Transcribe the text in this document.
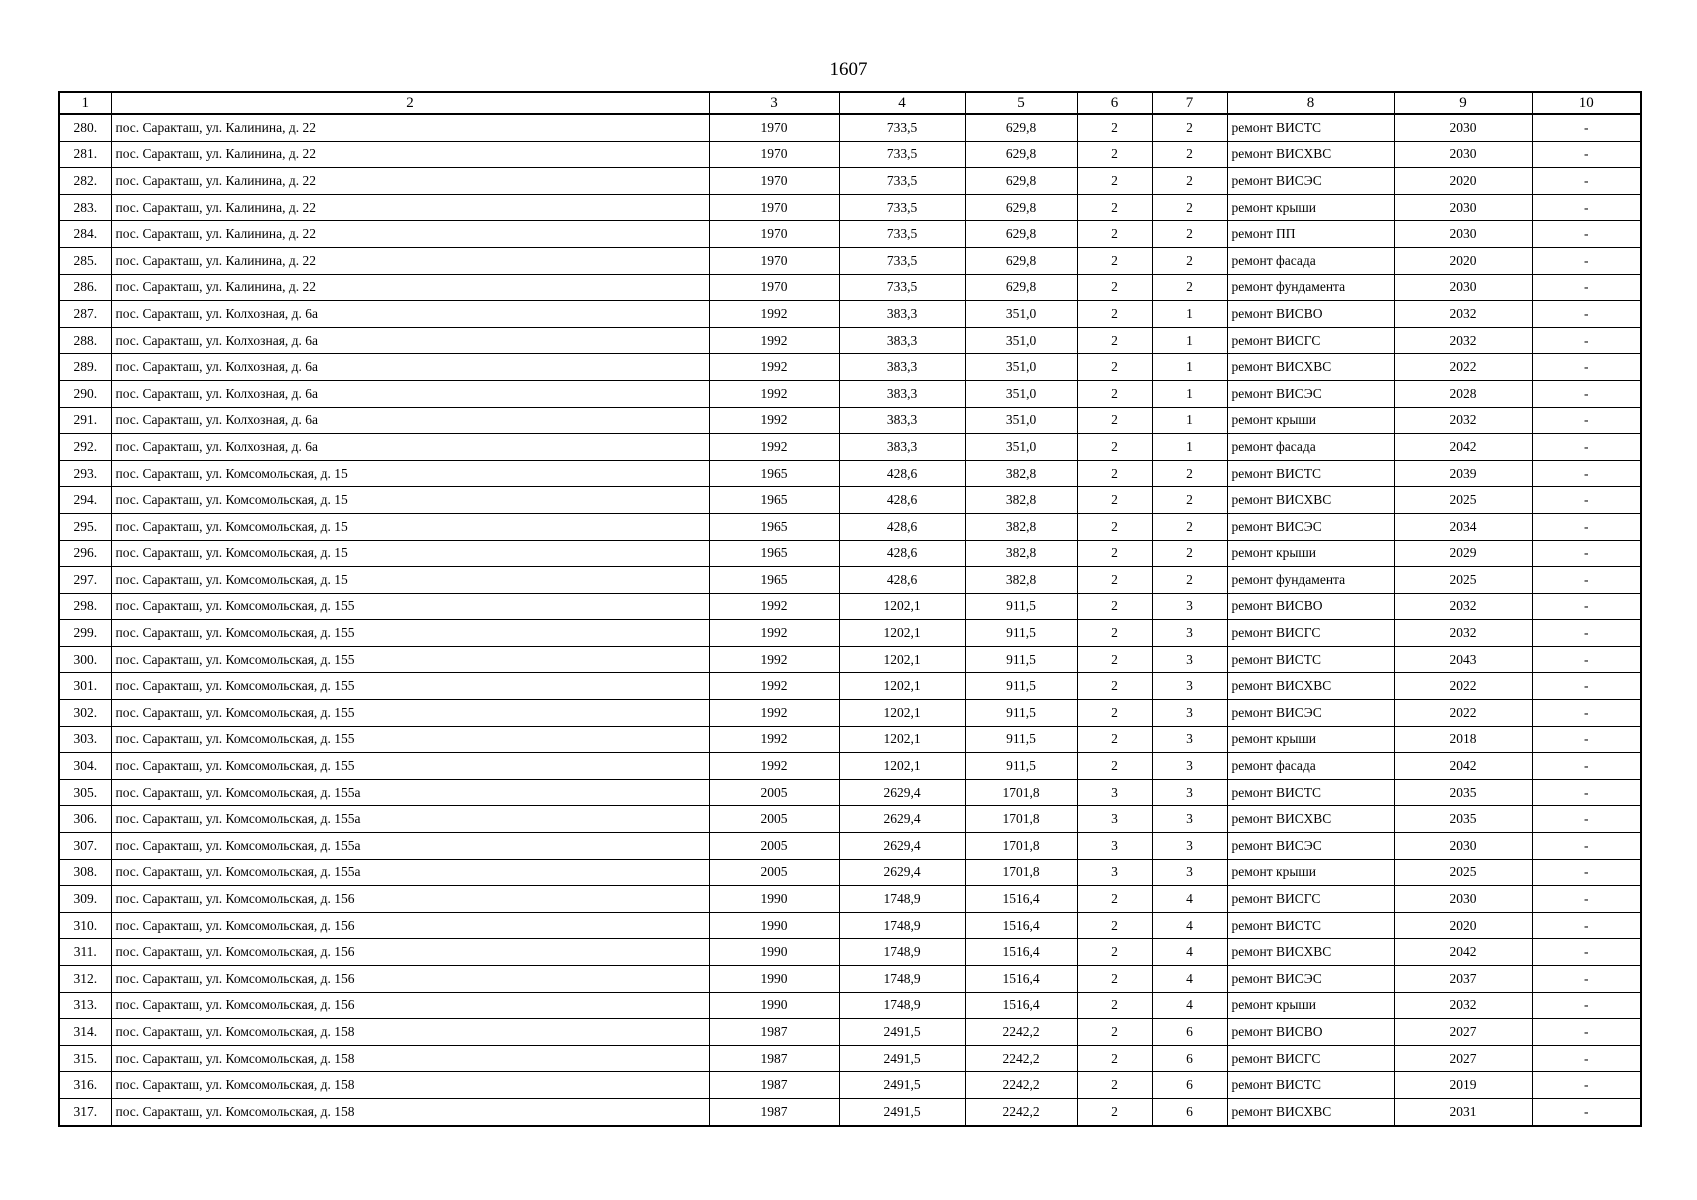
1607
1	2	3	4	5	6	7	8	9	10
280.	пос. Саракташ, ул. Калинина, д. 22	1970	733,5	629,8	2	2	ремонт ВИСТС	2030	-
281.	пос. Саракташ, ул. Калинина, д. 22	1970	733,5	629,8	2	2	ремонт ВИСХВС	2030	-
282.	пос. Саракташ, ул. Калинина, д. 22	1970	733,5	629,8	2	2	ремонт ВИСЭС	2020	-
283.	пос. Саракташ, ул. Калинина, д. 22	1970	733,5	629,8	2	2	ремонт крыши	2030	-
284.	пос. Саракташ, ул. Калинина, д. 22	1970	733,5	629,8	2	2	ремонт ПП	2030	-
285.	пос. Саракташ, ул. Калинина, д. 22	1970	733,5	629,8	2	2	ремонт фасада	2020	-
286.	пос. Саракташ, ул. Калинина, д. 22	1970	733,5	629,8	2	2	ремонт фундамента	2030	-
287.	пос. Саракташ, ул. Колхозная, д. 6а	1992	383,3	351,0	2	1	ремонт ВИСВО	2032	-
288.	пос. Саракташ, ул. Колхозная, д. 6а	1992	383,3	351,0	2	1	ремонт ВИСГС	2032	-
289.	пос. Саракташ, ул. Колхозная, д. 6а	1992	383,3	351,0	2	1	ремонт ВИСХВС	2022	-
290.	пос. Саракташ, ул. Колхозная, д. 6а	1992	383,3	351,0	2	1	ремонт ВИСЭС	2028	-
291.	пос. Саракташ, ул. Колхозная, д. 6а	1992	383,3	351,0	2	1	ремонт крыши	2032	-
292.	пос. Саракташ, ул. Колхозная, д. 6а	1992	383,3	351,0	2	1	ремонт фасада	2042	-
293.	пос. Саракташ, ул. Комсомольская, д. 15	1965	428,6	382,8	2	2	ремонт ВИСТС	2039	-
294.	пос. Саракташ, ул. Комсомольская, д. 15	1965	428,6	382,8	2	2	ремонт ВИСХВС	2025	-
295.	пос. Саракташ, ул. Комсомольская, д. 15	1965	428,6	382,8	2	2	ремонт ВИСЭС	2034	-
296.	пос. Саракташ, ул. Комсомольская, д. 15	1965	428,6	382,8	2	2	ремонт крыши	2029	-
297.	пос. Саракташ, ул. Комсомольская, д. 15	1965	428,6	382,8	2	2	ремонт фундамента	2025	-
298.	пос. Саракташ, ул. Комсомольская, д. 155	1992	1202,1	911,5	2	3	ремонт ВИСВО	2032	-
299.	пос. Саракташ, ул. Комсомольская, д. 155	1992	1202,1	911,5	2	3	ремонт ВИСГС	2032	-
300.	пос. Саракташ, ул. Комсомольская, д. 155	1992	1202,1	911,5	2	3	ремонт ВИСТС	2043	-
301.	пос. Саракташ, ул. Комсомольская, д. 155	1992	1202,1	911,5	2	3	ремонт ВИСХВС	2022	-
302.	пос. Саракташ, ул. Комсомольская, д. 155	1992	1202,1	911,5	2	3	ремонт ВИСЭС	2022	-
303.	пос. Саракташ, ул. Комсомольская, д. 155	1992	1202,1	911,5	2	3	ремонт крыши	2018	-
304.	пос. Саракташ, ул. Комсомольская, д. 155	1992	1202,1	911,5	2	3	ремонт фасада	2042	-
305.	пос. Саракташ, ул. Комсомольская, д. 155а	2005	2629,4	1701,8	3	3	ремонт ВИСТС	2035	-
306.	пос. Саракташ, ул. Комсомольская, д. 155а	2005	2629,4	1701,8	3	3	ремонт ВИСХВС	2035	-
307.	пос. Саракташ, ул. Комсомольская, д. 155а	2005	2629,4	1701,8	3	3	ремонт ВИСЭС	2030	-
308.	пос. Саракташ, ул. Комсомольская, д. 155а	2005	2629,4	1701,8	3	3	ремонт крыши	2025	-
309.	пос. Саракташ, ул. Комсомольская, д. 156	1990	1748,9	1516,4	2	4	ремонт ВИСГС	2030	-
310.	пос. Саракташ, ул. Комсомольская, д. 156	1990	1748,9	1516,4	2	4	ремонт ВИСТС	2020	-
311.	пос. Саракташ, ул. Комсомольская, д. 156	1990	1748,9	1516,4	2	4	ремонт ВИСХВС	2042	-
312.	пос. Саракташ, ул. Комсомольская, д. 156	1990	1748,9	1516,4	2	4	ремонт ВИСЭС	2037	-
313.	пос. Саракташ, ул. Комсомольская, д. 156	1990	1748,9	1516,4	2	4	ремонт крыши	2032	-
314.	пос. Саракташ, ул. Комсомольская, д. 158	1987	2491,5	2242,2	2	6	ремонт ВИСВО	2027	-
315.	пос. Саракташ, ул. Комсомольская, д. 158	1987	2491,5	2242,2	2	6	ремонт ВИСГС	2027	-
316.	пос. Саракташ, ул. Комсомольская, д. 158	1987	2491,5	2242,2	2	6	ремонт ВИСТС	2019	-
317.	пос. Саракташ, ул. Комсомольская, д. 158	1987	2491,5	2242,2	2	6	ремонт ВИСХВС	2031	-
